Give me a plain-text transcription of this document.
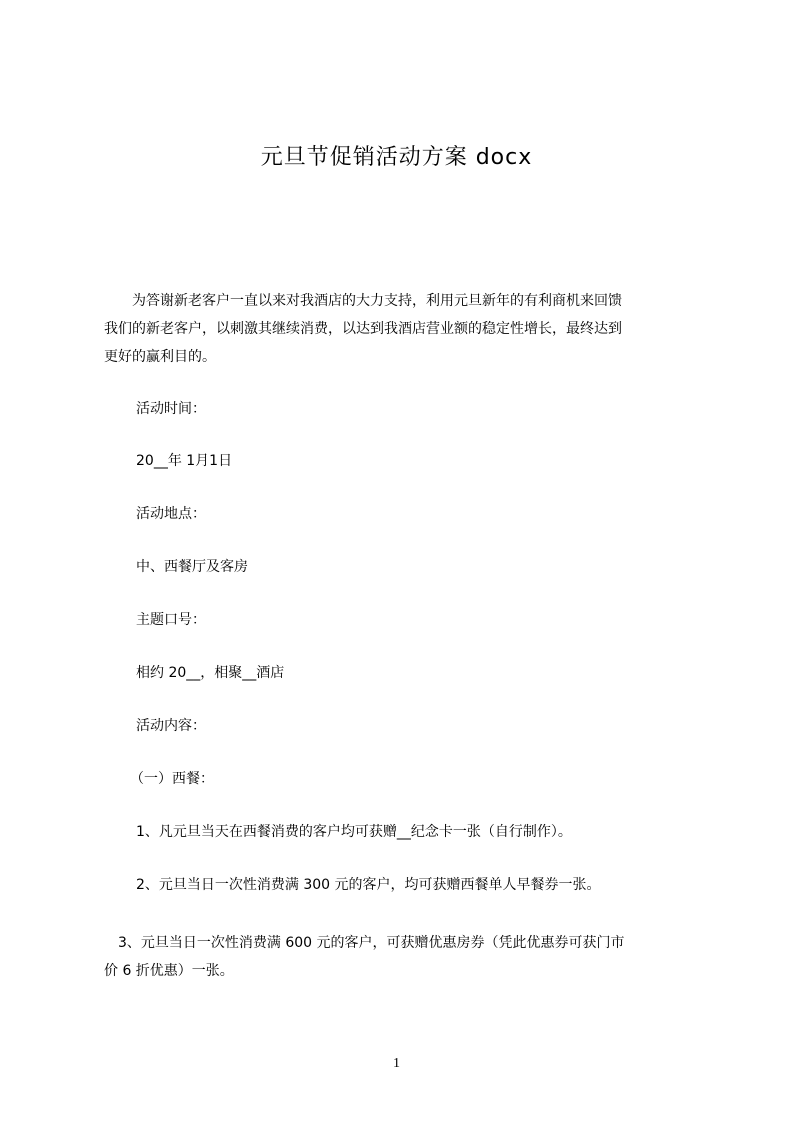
元旦节促销活动方案 docx
　　为答谢新老客户一直以来对我酒店的大力支持，利用元旦新年的有利商机来回馈
我们的新老客户，以刺激其继续消费，以达到我酒店营业额的稳定性增长，最终达到
更好的赢利目的。
活动时间：
20__年 1月1日
活动地点：
中、西餐厅及客房
主题口号：
相约 20__，相聚__酒店
活动内容：
（一）西餐：
1、凡元旦当天在西餐消费的客户均可获赠__纪念卡一张（自行制作）。
2、元旦当日一次性消费满 300 元的客户，均可获赠西餐单人早餐券一张。
　3、元旦当日一次性消费满 600 元的客户，可获赠优惠房券（凭此优惠券可获门市
价 6 折优惠）一张。
1
